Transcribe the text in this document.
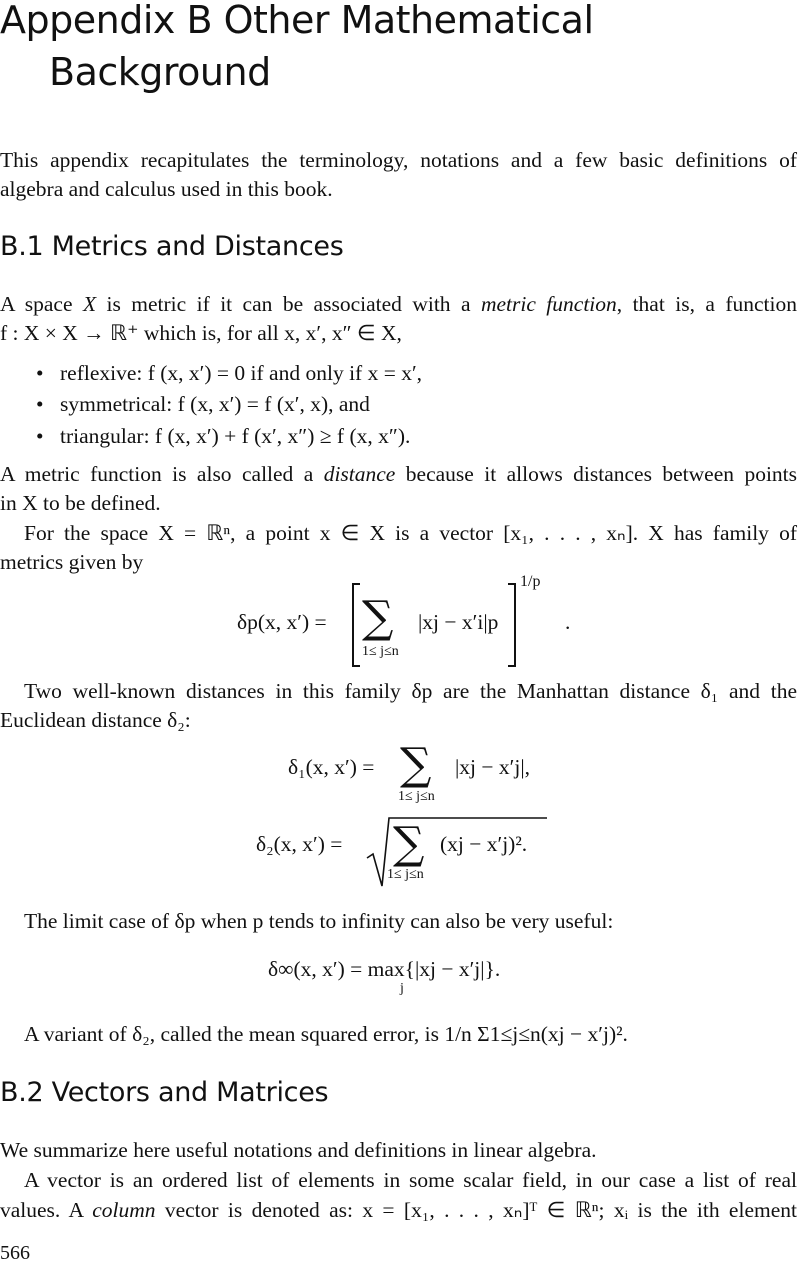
Appendix B Other Mathematical
Background

This appendix recapitulates the terminology, notations and a few basic definitions of

algebra and calculus used in this book.

B.1 Metrics and Distances

A space X is metric if it can be associated with a metric function, that is, a function

f : X × X → ℝ⁺ which is, for all x, x′, x″ ∈ X,

• reflexive: f (x, x′) = 0 if and only if x = x′,
• symmetrical: f (x, x′) = f (x′, x), and
• triangular: f (x, x′) + f (x′, x″) ≥ f (x, x″).

A metric function is also called a distance because it allows distances between points

in X to be defined.

For the space X = ℝⁿ, a point x ∈ X is a vector [x₁, . . . , xₙ]. X has family of

metrics given by

δp(x, x′) = ∑
1≤ j≤n
|xj − x′i|p
1/p
.

Two well-known distances in this family δp are the Manhattan distance δ₁ and the

Euclidean distance δ₂:

δ₁(x, x′) = ∑
1≤ j≤n
|xj − x′j|,
δ₂(x, x′) = ∑
1≤ j≤n
(xj − x′j)².

The limit case of δp when p tends to infinity can also be very useful:

δ∞(x, x′) = max{|xj − x′j|}.
j

A variant of δ₂, called the mean squared error, is 1/n Σ1≤j≤n(xj − x′j)².

B.2 Vectors and Matrices

We summarize here useful notations and definitions in linear algebra.

A vector is an ordered list of elements in some scalar field, in our case a list of real

values. A column vector is denoted as: x = [x₁, . . . , xₙ]ᵀ ∈ ℝⁿ; xᵢ is the ith element

566
